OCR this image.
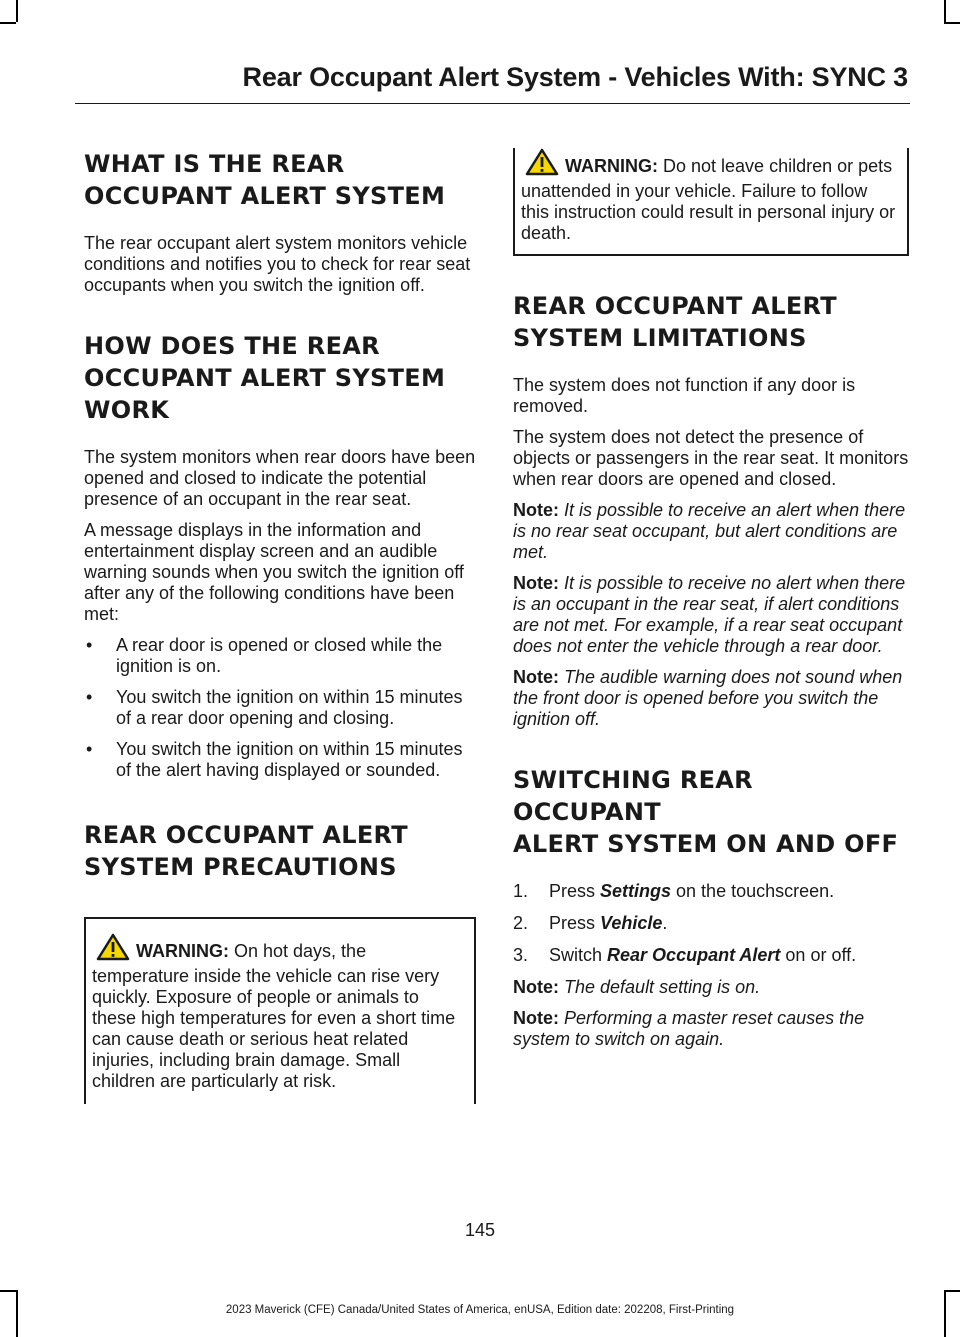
Rear Occupant Alert System - Vehicles With: SYNC 3
WHAT IS THE REAR
OCCUPANT ALERT SYSTEM

The rear occupant alert system monitors vehicle conditions and notifies you to check for rear seat occupants when you switch the ignition off.

HOW DOES THE REAR
OCCUPANT ALERT SYSTEM
WORK

The system monitors when rear doors have been opened and closed to indicate the potential presence of an occupant in the rear seat.

A message displays in the information and entertainment display screen and an audible warning sounds when you switch the ignition off after any of the following conditions have been met:

• A rear door is opened or closed while the ignition is on.
• You switch the ignition on within 15 minutes of a rear door opening and closing.
• You switch the ignition on within 15 minutes of the alert having displayed or sounded.
REAR OCCUPANT ALERT
SYSTEM PRECAUTIONS
WARNING: On hot days, the temperature inside the vehicle can rise very quickly. Exposure of people or animals to these high temperatures for even a short time can cause death or serious heat related injuries, including brain damage. Small children are particularly at risk.
WARNING: Do not leave children or pets unattended in your vehicle. Failure to follow this instruction could result in personal injury or death.
REAR OCCUPANT ALERT
SYSTEM LIMITATIONS

The system does not function if any door is removed.

The system does not detect the presence of objects or passengers in the rear seat. It monitors when rear doors are opened and closed.

Note: It is possible to receive an alert when there is no rear seat occupant, but alert conditions are met.

Note: It is possible to receive no alert when there is an occupant in the rear seat, if alert conditions are not met. For example, if a rear seat occupant does not enter the vehicle through a rear door.

Note: The audible warning does not sound when the front door is opened before you switch the ignition off.

SWITCHING REAR OCCUPANT
ALERT SYSTEM ON AND OFF
1. Press Settings on the touchscreen.
2. Press Vehicle.
3. Switch Rear Occupant Alert on or off.

Note: The default setting is on.

Note: Performing a master reset causes the system to switch on again.

145
2023 Maverick (CFE) Canada/United States of America, enUSA, Edition date: 202208, First-Printing
